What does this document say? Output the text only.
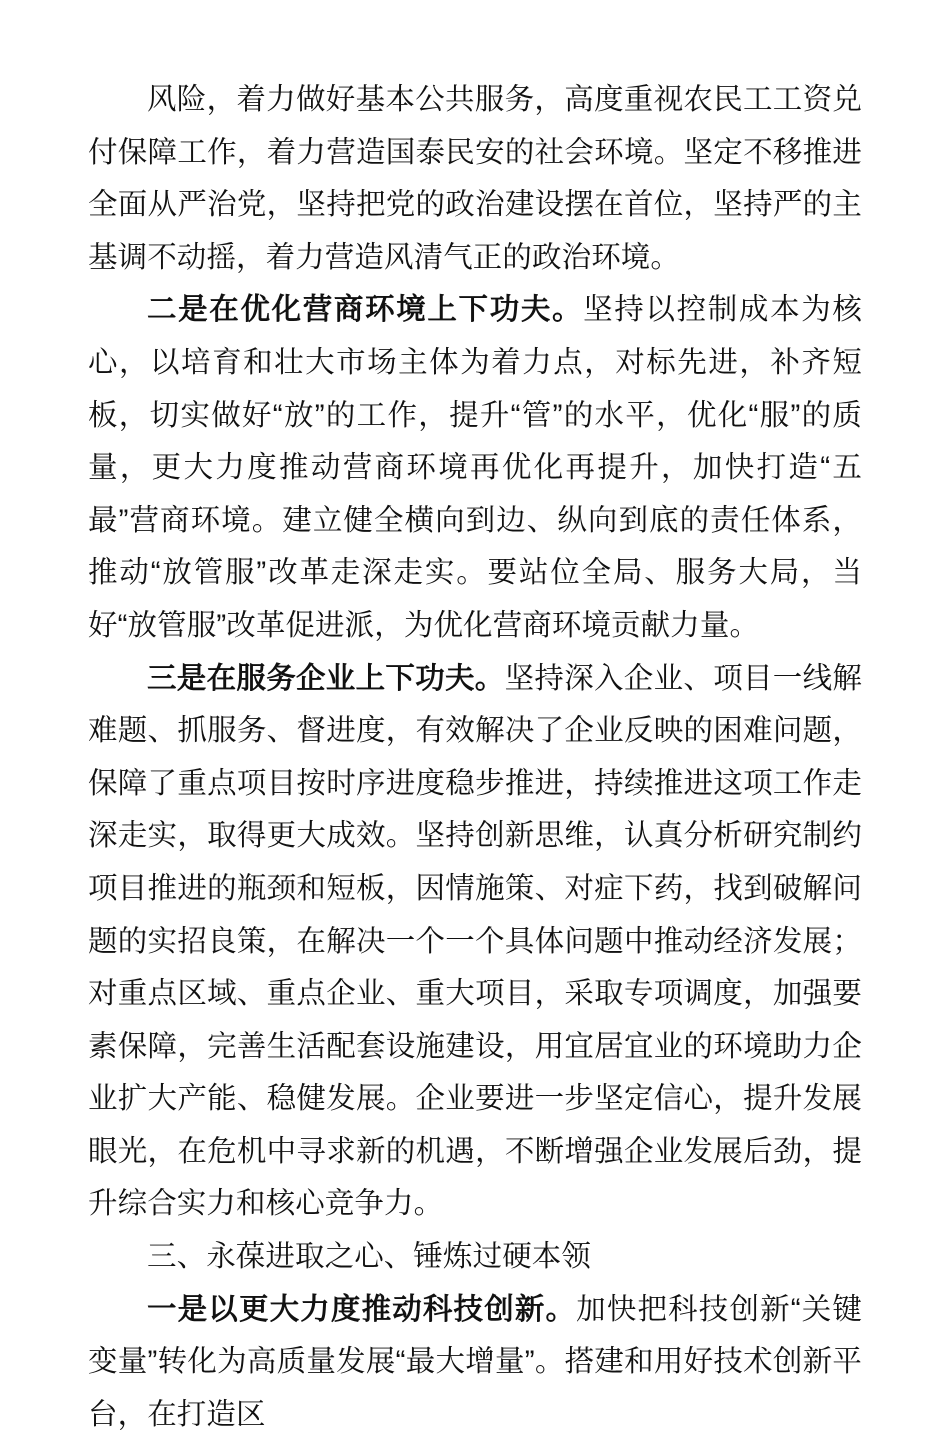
风险，着力做好基本公共服务，高度重视农民工工资兑付保障工作，着力营造国泰民安的社会环境。坚定不移推进全面从严治党，坚持把党的政治建设摆在首位，坚持严的主基调不动摇，着力营造风清气正的政治环境。

二是在优化营商环境上下功夫。坚持以控制成本为核心，以培育和壮大市场主体为着力点，对标先进，补齐短板，切实做好“放”的工作，提升“管”的水平，优化“服”的质量，更大力度推动营商环境再优化再提升，加快打造“五最”营商环境。建立健全横向到边、纵向到底的责任体系，推动“放管服”改革走深走实。要站位全局、服务大局，当好“放管服”改革促进派，为优化营商环境贡献力量。

三是在服务企业上下功夫。坚持深入企业、项目一线解难题、抓服务、督进度，有效解决了企业反映的困难问题，保障了重点项目按时序进度稳步推进，持续推进这项工作走深走实，取得更大成效。坚持创新思维，认真分析研究制约项目推进的瓶颈和短板，因情施策、对症下药，找到破解问题的实招良策，在解决一个一个具体问题中推动经济发展；对重点区域、重点企业、重大项目，采取专项调度，加强要素保障，完善生活配套设施建设，用宜居宜业的环境助力企业扩大产能、稳健发展。企业要进一步坚定信心，提升发展眼光，在危机中寻求新的机遇，不断增强企业发展后劲，提升综合实力和核心竞争力。

三、永葆进取之心、锤炼过硬本领

一是以更大力度推动科技创新。加快把科技创新“关键变量”转化为高质量发展“最大增量”。搭建和用好技术创新平台，在打造区
